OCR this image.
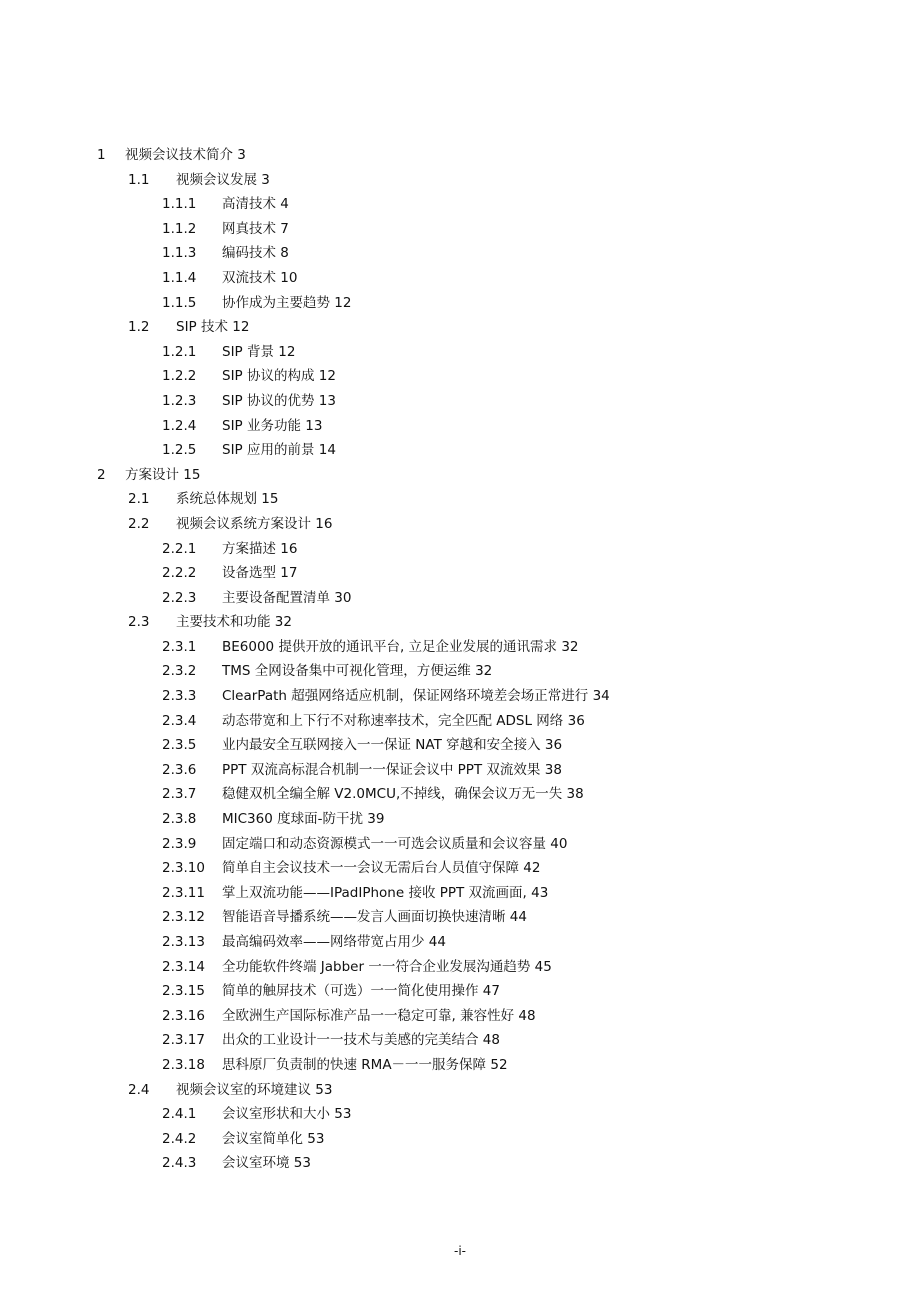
1 视频会议技术简介 3
1.1 视频会议发展 3
1.1.1 高清技术 4
1.1.2 网真技术 7
1.1.3 编码技术 8
1.1.4 双流技术 10
1.1.5 协作成为主要趋势 12
1.2 SIP 技术 12
1.2.1 SIP 背景 12
1.2.2 SIP 协议的构成 12
1.2.3 SIP 协议的优势 13
1.2.4 SIP 业务功能 13
1.2.5 SIP 应用的前景 14
2 方案设计 15
2.1 系统总体规划 15
2.2 视频会议系统方案设计 16
2.2.1 方案描述 16
2.2.2 设备选型 17
2.2.3 主要设备配置清单 30
2.3 主要技术和功能 32
2.3.1 BE6000 提供开放的通讯平台, 立足企业发展的通讯需求 32
2.3.2 TMS 全网设备集中可视化管理，方便运维 32
2.3.3 ClearPath 超强网络适应机制，保证网络环境差会场正常进行 34
2.3.4 动态带宽和上下行不对称速率技术，完全匹配 ADSL 网络 36
2.3.5 业内最安全互联网接入一一保证 NAT 穿越和安全接入 36
2.3.6 PPT 双流高标混合机制一一保证会议中 PPT 双流效果 38
2.3.7 稳健双机全编全解 V2.0MCU,不掉线，确保会议万无一失 38
2.3.8 MIC360 度球面-防干扰 39
2.3.9 固定端口和动态资源模式一一可选会议质量和会议容量 40
2.3.10 简单自主会议技术一一会议无需后台人员值守保障 42
2.3.11 掌上双流功能——IPadIPhone 接收 PPT 双流画面, 43
2.3.12 智能语音导播系统——发言人画面切换快速清晰 44
2.3.13 最高编码效率——网络带宽占用少 44
2.3.14 全功能软件终端 Jabber 一一符合企业发展沟通趋势 45
2.3.15 简单的触屏技术（可选）一一简化使用操作 47
2.3.16 全欧洲生产国际标准产品一一稳定可靠, 兼容性好 48
2.3.17 出众的工业设计一一技术与美感的完美结合 48
2.3.18 思科原厂负责制的快速 RMA－一一服务保障 52
2.4 视频会议室的环境建议 53
2.4.1 会议室形状和大小 53
2.4.2 会议室简单化 53
2.4.3 会议室环境 53
-i-
